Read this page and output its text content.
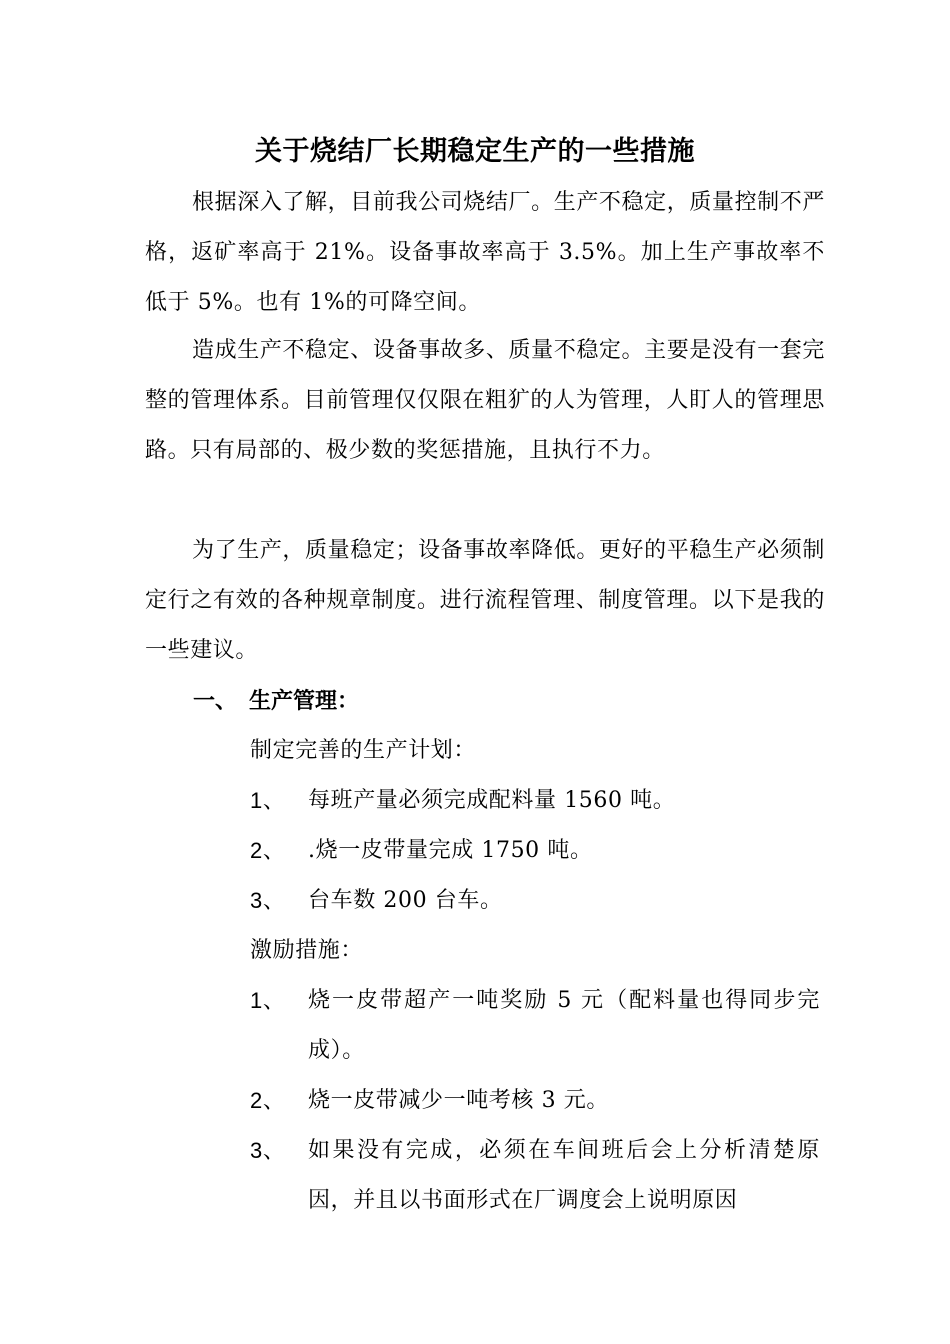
关于烧结厂长期稳定生产的一些措施
根据深入了解，目前我公司烧结厂。生产不稳定，质量控制不严格，返矿率高于 21%。设备事故率高于 3.5%。加上生产事故率不低于 5%。也有 1%的可降空间。
造成生产不稳定、设备事故多、质量不稳定。主要是没有一套完整的管理体系。目前管理仅仅限在粗犷的人为管理，人盯人的管理思路。只有局部的、极少数的奖惩措施，且执行不力。
为了生产，质量稳定；设备事故率降低。更好的平稳生产必须制定行之有效的各种规章制度。进行流程管理、制度管理。以下是我的一些建议。
一、 生产管理：
制定完善的生产计划：
1、	每班产量必须完成配料量 1560 吨。
2、	.烧一皮带量完成 1750 吨。
3、	台车数 200 台车。
激励措施：
1、	烧一皮带超产一吨奖励 5 元（配料量也得同步完成）。
2、	烧一皮带减少一吨考核 3 元。
3、	如果没有完成，必须在车间班后会上分析清楚原因，并且以书面形式在厂调度会上说明原因
